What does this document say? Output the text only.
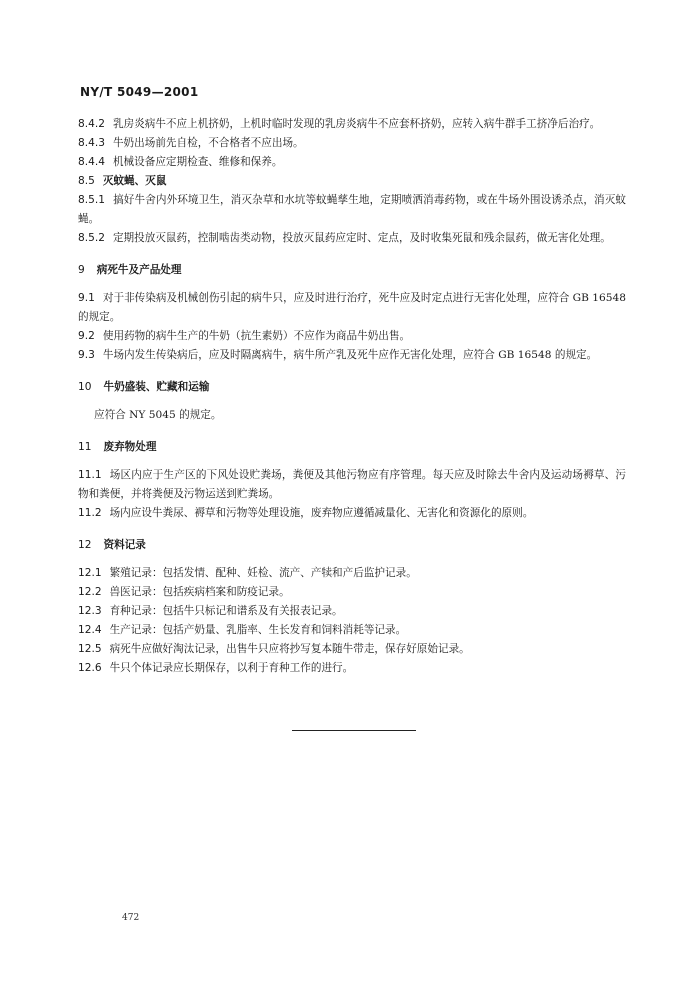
NY/T 5049—2001

8.4.2 乳房炎病牛不应上机挤奶，上机时临时发现的乳房炎病牛不应套杯挤奶，应转入病牛群手工挤净后治疗。

8.4.3 牛奶出场前先自检，不合格者不应出场。

8.4.4 机械设备应定期检查、维修和保养。

8.5 灭蚊蝇、灭鼠

8.5.1 搞好牛舍内外环境卫生，消灭杂草和水坑等蚊蝇孳生地，定期喷洒消毒药物，或在牛场外围设诱杀点，消灭蚊蝇。

8.5.2 定期投放灭鼠药，控制啮齿类动物，投放灭鼠药应定时、定点，及时收集死鼠和残余鼠药，做无害化处理。

9 病死牛及产品处理

9.1 对于非传染病及机械创伤引起的病牛只，应及时进行治疗，死牛应及时定点进行无害化处理，应符合 GB 16548 的规定。

9.2 使用药物的病牛生产的牛奶（抗生素奶）不应作为商品牛奶出售。

9.3 牛场内发生传染病后，应及时隔离病牛，病牛所产乳及死牛应作无害化处理，应符合 GB 16548 的规定。

10 牛奶盛装、贮藏和运输

应符合 NY 5045 的规定。

11 废弃物处理

11.1 场区内应于生产区的下风处设贮粪场，粪便及其他污物应有序管理。每天应及时除去牛舍内及运动场褥草、污物和粪便，并将粪便及污物运送到贮粪场。

11.2 场内应设牛粪尿、褥草和污物等处理设施，废弃物应遵循减量化、无害化和资源化的原则。

12 资料记录

12.1 繁殖记录：包括发情、配种、妊检、流产、产犊和产后监护记录。

12.2 兽医记录：包括疾病档案和防疫记录。

12.3 育种记录：包括牛只标记和谱系及有关报表记录。

12.4 生产记录：包括产奶量、乳脂率、生长发育和饲料消耗等记录。

12.5 病死牛应做好淘汰记录，出售牛只应将抄写复本随牛带走，保存好原始记录。

12.6 牛只个体记录应长期保存，以利于育种工作的进行。

472
